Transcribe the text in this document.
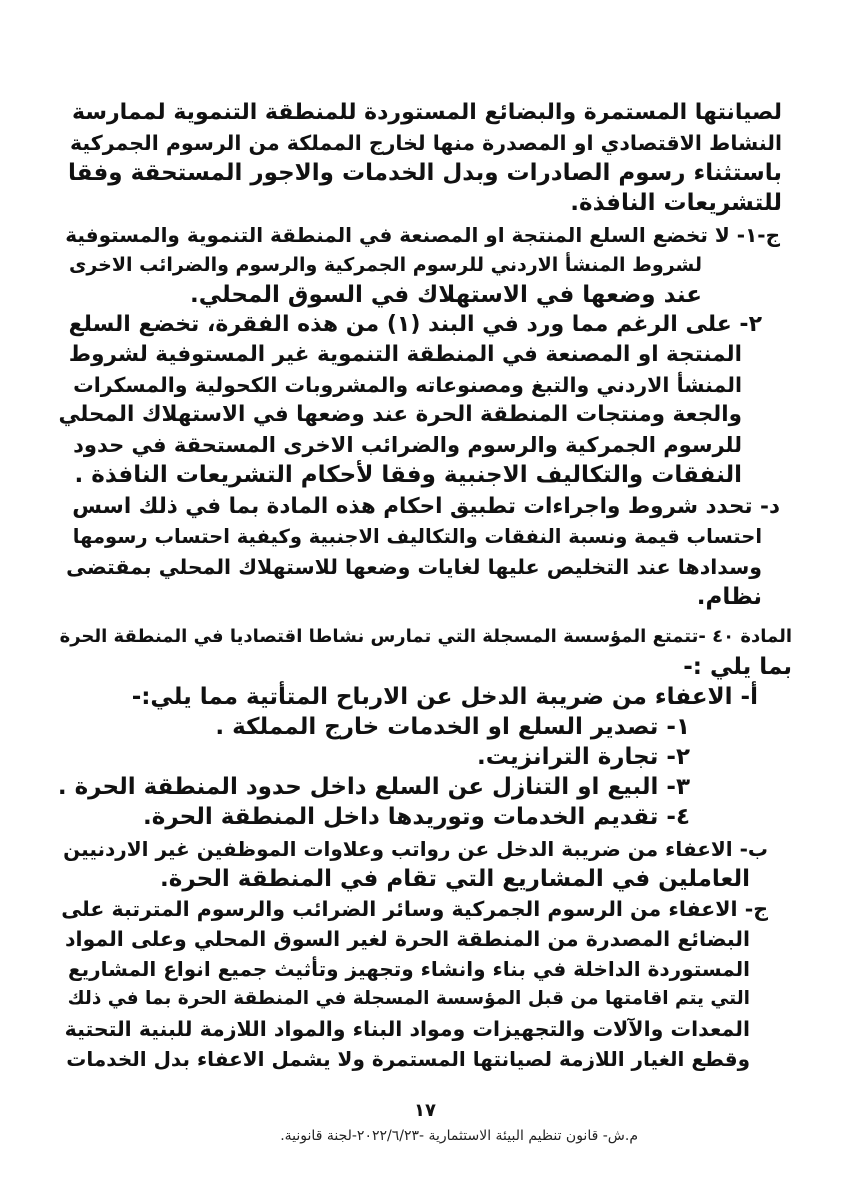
لصيانتها المستمرة والبضائع المستوردة للمنطقة التنموية لممارسة
النشاط الاقتصادي او المصدرة منها لخارج المملكة من الرسوم الجمركية
باستثناء رسوم الصادرات وبدل الخدمات والاجور المستحقة وفقا
للتشريعات النافذة.
ج-١- لا تخضع السلع المنتجة او المصنعة في المنطقة التنموية والمستوفية
لشروط المنشأ الاردني للرسوم الجمركية والرسوم والضرائب الاخرى
عند وضعها في الاستهلاك في السوق المحلي.
٢- على الرغم مما ورد في البند (١) من هذه الفقرة، تخضع السلع
المنتجة او المصنعة في المنطقة التنموية غير المستوفية لشروط
المنشأ الاردني والتبغ ومصنوعاته والمشروبات الكحولية والمسكرات
والجعة ومنتجات المنطقة الحرة عند وضعها في الاستهلاك المحلي
للرسوم الجمركية والرسوم والضرائب الاخرى المستحقة في حدود
النفقات والتكاليف الاجنبية وفقا لأحكام التشريعات النافذة .
د- تحدد شروط واجراءات تطبيق احكام هذه المادة بما في ذلك اسس
احتساب قيمة ونسبة النفقات والتكاليف الاجنبية وكيفية احتساب رسومها
وسدادها عند التخليص عليها لغايات وضعها للاستهلاك المحلي بمقتضى
نظام.
المادة ٤٠ -تتمتع المؤسسة المسجلة التي تمارس نشاطا اقتصاديا في المنطقة الحرة
بما يلي :-
أ- الاعفاء من ضريبة الدخل عن الارباح المتأتية مما يلي:-
١- تصدير السلع او الخدمات خارج المملكة .
٢- تجارة الترانزيت.
٣- البيع او التنازل عن السلع داخل حدود المنطقة الحرة .
٤- تقديم الخدمات وتوريدها داخل المنطقة الحرة.
ب- الاعفاء من ضريبة الدخل عن رواتب وعلاوات الموظفين غير الاردنيين
العاملين في المشاريع التي تقام في المنطقة الحرة.
ج- الاعفاء من الرسوم الجمركية وسائر الضرائب والرسوم المترتبة على
البضائع المصدرة من المنطقة الحرة لغير السوق المحلي وعلى المواد
المستوردة الداخلة في بناء وانشاء وتجهيز وتأثيث جميع انواع المشاريع
التي يتم اقامتها من قبل المؤسسة المسجلة في المنطقة الحرة بما في ذلك
المعدات والآلات والتجهيزات ومواد البناء والمواد اللازمة للبنية التحتية
وقطع الغيار اللازمة لصيانتها المستمرة ولا يشمل الاعفاء بدل الخدمات
١٧
م.ش- قانون تنظيم البيئة الاستثمارية -٢٠٢٢/٦/٢٣-لجنة قانونية.
